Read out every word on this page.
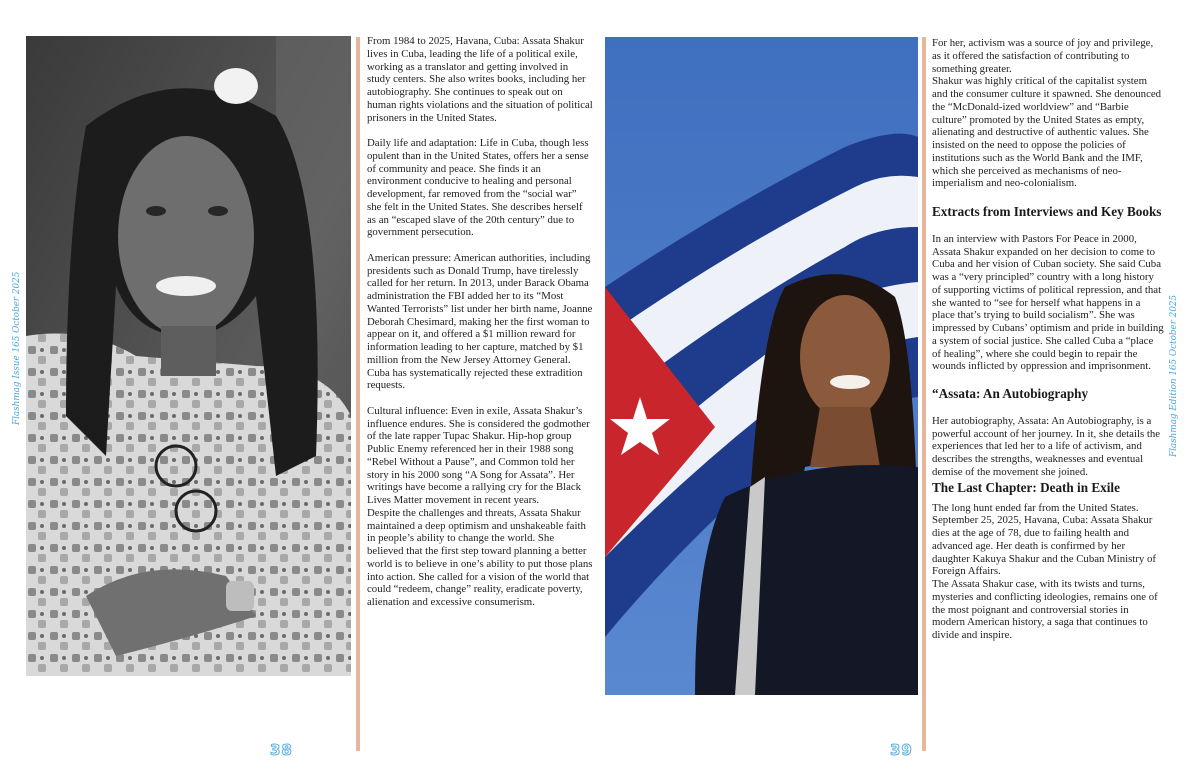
From 1984 to 2025, Havana, Cuba: Assata Shakur lives in Cuba, leading the life of a political exile, working as a translator and getting involved in study centers. She also writes books, including her autobiography. She continues to speak out on human rights violations and the situation of political prisoners in the United States.

Daily life and adaptation: Life in Cuba, though less opulent than in the United States, offers her a sense of community and peace. She finds it an environment conducive to healing and personal development, far removed from the “social war” she felt in the United States. She describes herself as an “escaped slave of the 20th century” due to government persecution.

American pressure: American authorities, including presidents such as Donald Trump, have tirelessly called for her return. In 2013, under Barack Obama administration the FBI added her to its “Most Wanted Terrorists” list under her birth name, Joanne Deborah Chesimard, making her the first woman to appear on it, and offered a $1 million reward for information leading to her capture, matched by $1 million from the New Jersey Attorney General. Cuba has systematically rejected these extradition requests.

Cultural influence: Even in exile, Assata Shakur’s influence endures. She is considered the godmother of the late rapper Tupac Shakur. Hip-hop group Public Enemy referenced her in their 1988 song “Rebel Without a Pause”, and Common told her story in his 2000 song “A Song for Assata”. Her writings have become a rallying cry for the Black Lives Matter movement in recent years.

Despite the challenges and threats, Assata Shakur maintained a deep optimism and unshakeable faith in people’s ability to change the world. She believed that the first step toward planning a better world is to believe in one’s ability to put those plans into action. She called for a vision of the world that could “redeem, change” reality, eradicate poverty, alienation and excessive consumerism.

For her, activism was a source of joy and privilege, as it offered the satisfaction of contributing to something greater.

Shakur was highly critical of the capitalist system and the consumer culture it spawned. She denounced the “McDonald-ized worldview” and “Barbie culture” promoted by the United States as empty, alienating and destructive of authentic values. She insisted on the need to oppose the policies of institutions such as the World Bank and the IMF, which she perceived as mechanisms of neo-imperialism and neo-colonialism.

Extracts from Interviews and Key Books

In an interview with Pastors For Peace in 2000, Assata Shakur expanded on her decision to come to Cuba and her vision of Cuban society. She said Cuba was a “very principled” country with a long history of supporting victims of political repression, and that she wanted to “see for herself what happens in a place that’s trying to build socialism”. She was impressed by Cubans’ optimism and pride in building a system of social justice. She called Cuba a “place of healing”, where she could begin to repair the wounds inflicted by oppression and imprisonment.

“Assata: An Autobiography

Her autobiography, Assata: An Autobiography, is a powerful account of her journey. In it, she details the experiences that led her to a life of activism, and describes the strengths, weaknesses and eventual demise of the movement she joined.

The Last Chapter: Death in Exile

The long hunt ended far from the United States. September 25, 2025, Havana, Cuba: Assata Shakur dies at the age of 78, due to failing health and advanced age. Her death is confirmed by her daughter Kakuya Shakur and the Cuban Ministry of Foreign Affairs.

The Assata Shakur case, with its twists and turns, mysteries and conflicting ideologies, remains one of the most poignant and controversial stories in modern American history, a saga that continues to divide and inspire.

38	39
Flashmag Issue 165 October 2025	Flashmag Edition 165 October 2025
